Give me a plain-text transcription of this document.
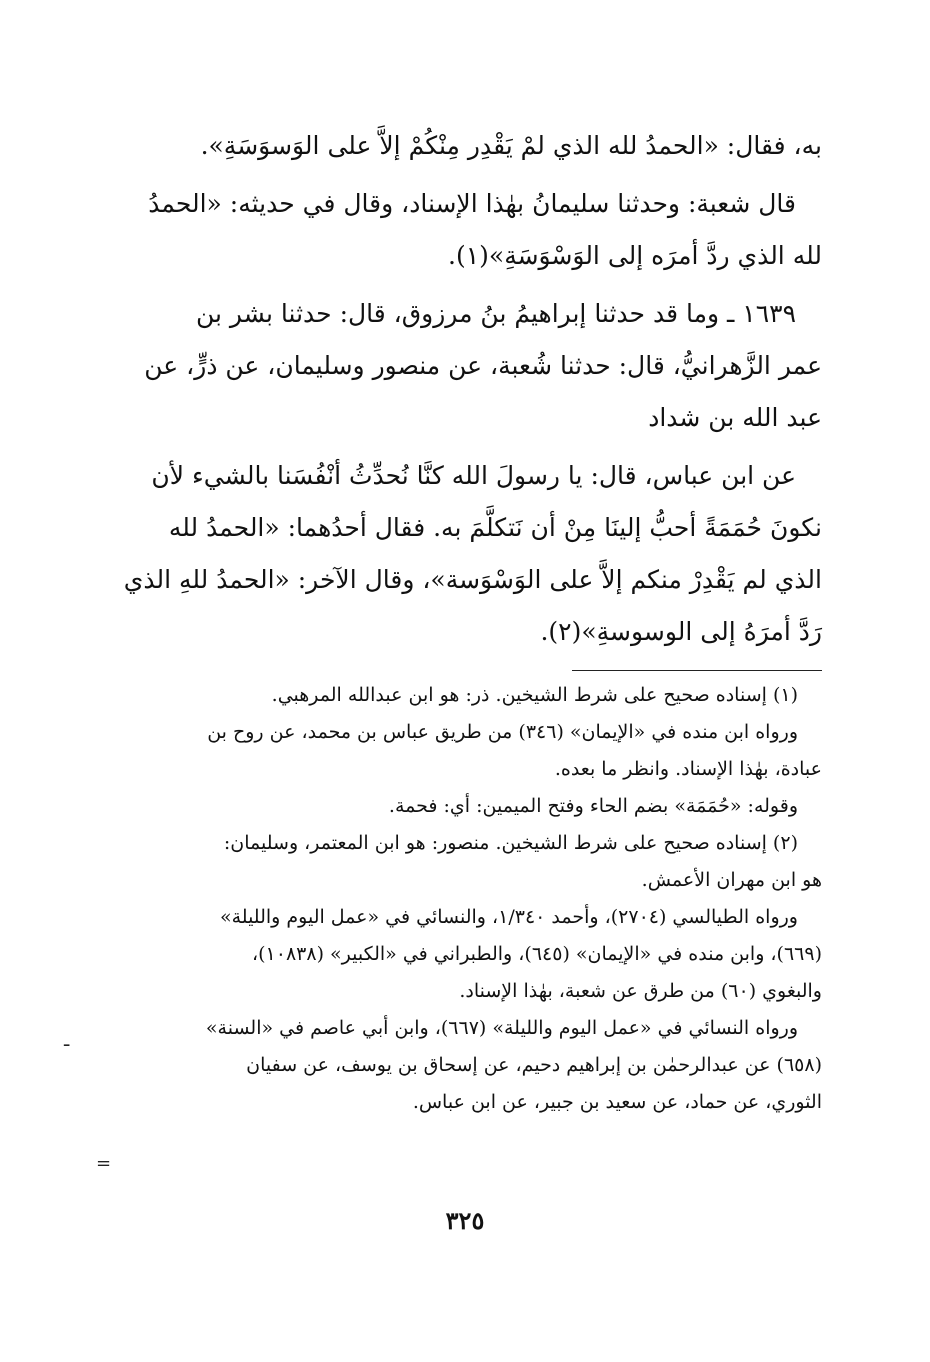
به، فقال: «الحمدُ لله الذي لمْ يَقْدِر مِنْكُمْ إلاَّ على الوَسوَسَةِ».

قال شعبة: وحدثنا سليمانُ بهٰذا الإسناد، وقال في حديثه: «الحمدُ
لله الذي ردَّ أمرَه إلى الوَسْوَسَةِ»(١).

١٦٣٩ ـ وما قد حدثنا إبراهيمُ بنُ مرزوق، قال: حدثنا بشر بن
عمر الزَّهرانيُّ، قال: حدثنا شُعبة، عن منصور وسليمان، عن ذرٍّ، عن
عبد الله بن شداد

عن ابن عباس، قال: يا رسولَ الله كنَّا نُحدِّثُ أنْفُسَنا بالشيء لأن
نكونَ حُمَمَةً أحبُّ إلينَا مِنْ أن نَتكلَّمَ به. فقال أحدُهما: «الحمدُ لله
الذي لم يَقْدِرْ منكم إلاَّ على الوَسْوَسة»، وقال الآخر: «الحمدُ للهِ الذي
رَدَّ أمرَهُ إلى الوسوسةِ»(٢).

(١) إسناده صحيح على شرط الشيخين. ذر: هو ابن عبدالله المرهبي.

ورواه ابن منده في «الإيمان» (٣٤٦) من طريق عباس بن محمد، عن روح بن
عبادة، بهٰذا الإسناد. وانظر ما بعده.

وقوله: «حُمَمَة» بضم الحاء وفتح الميمين: أي: فحمة.

(٢) إسناده صحيح على شرط الشيخين. منصور: هو ابن المعتمر، وسليمان:
هو ابن مهران الأعمش.

ورواه الطيالسي (٢٧٠٤)، وأحمد ١/٣٤٠، والنسائي في «عمل اليوم والليلة»
(٦٦٩)، وابن منده في «الإيمان» (٦٤٥)، والطبراني في «الكبير» (١٠٨٣٨)،
والبغوي (٦٠) من طرق عن شعبة، بهٰذا الإسناد.

ورواه النسائي في «عمل اليوم والليلة» (٦٦٧)، وابن أبي عاصم في «السنة»
(٦٥٨) عن عبدالرحمٰن بن إبراهيم دحيم، عن إسحاق بن يوسف، عن سفيان
الثوري، عن حماد، عن سعيد بن جبير، عن ابن عباس.

ـ
=
٣٢٥
